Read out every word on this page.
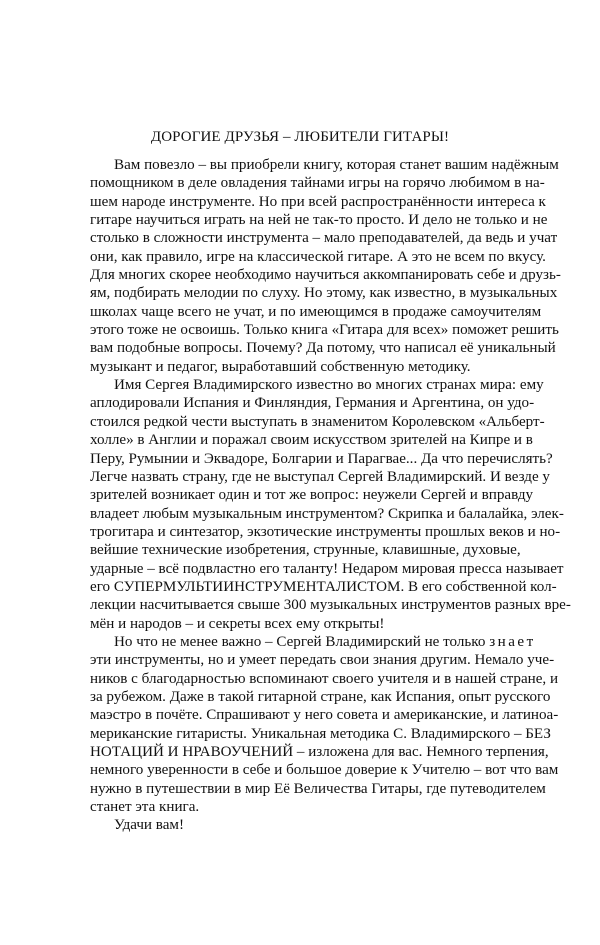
ДОРОГИЕ ДРУЗЬЯ – ЛЮБИТЕЛИ ГИТАРЫ!
Вам повезло – вы приобрели книгу, которая станет вашим надёжным
помощником в деле овладения тайнами игры на горячо любимом в на-
шем народе инструменте. Но при всей распространённости интереса к
гитаре научиться играть на ней не так-то просто. И дело не только и не
столько в сложности инструмента – мало преподавателей, да ведь и учат
они, как правило, игре на классической гитаре. А это не всем по вкусу.
Для многих скорее необходимо научиться аккомпанировать себе и друзь-
ям, подбирать мелодии по слуху. Но этому, как известно, в музыкальных
школах чаще всего не учат, и по имеющимся в продаже самоучителям
этого тоже не освоишь. Только книга «Гитара для всех» поможет решить
вам подобные вопросы. Почему? Да потому, что написал её уникальный
музыкант и педагог, выработавший собственную методику.
Имя Сергея Владимирского известно во многих странах мира: ему
аплодировали Испания и Финляндия, Германия и Аргентина, он удо-
стоился редкой чести выступать в знаменитом Королевском «Альберт-
холле» в Англии и поражал своим искусством зрителей на Кипре и в
Перу, Румынии и Эквадоре, Болгарии и Парагвае... Да что перечислять?
Легче назвать страну, где не выступал Сергей Владимирский. И везде у
зрителей возникает один и тот же вопрос: неужели Сергей и вправду
владеет любым музыкальным инструментом? Скрипка и балалайка, элек-
трогитара и синтезатор, экзотические инструменты прошлых веков и но-
вейшие технические изобретения, струнные, клавишные, духовые,
ударные – всё подвластно его таланту! Недаром мировая пресса называет
его СУПЕРМУЛЬТИИНСТРУМЕНТАЛИСТОМ. В его собственной кол-
лекции насчитывается свыше 300 музыкальных инструментов разных вре-
мён и народов – и секреты всех ему открыты!
Но что не менее важно – Сергей Владимирский не только знает
эти инструменты, но и умеет передать свои знания другим. Немало уче-
ников с благодарностью вспоминают своего учителя и в нашей стране, и
за рубежом. Даже в такой гитарной стране, как Испания, опыт русского
маэстро в почёте. Спрашивают у него совета и американские, и латиноа-
мериканские гитаристы. Уникальная методика С. Владимирского – БЕЗ
НОТАЦИЙ И НРАВОУЧЕНИЙ – изложена для вас. Немного терпения,
немного уверенности в себе и большое доверие к Учителю – вот что вам
нужно в путешествии в мир Её Величества Гитары, где путеводителем
станет эта книга.
Удачи вам!
